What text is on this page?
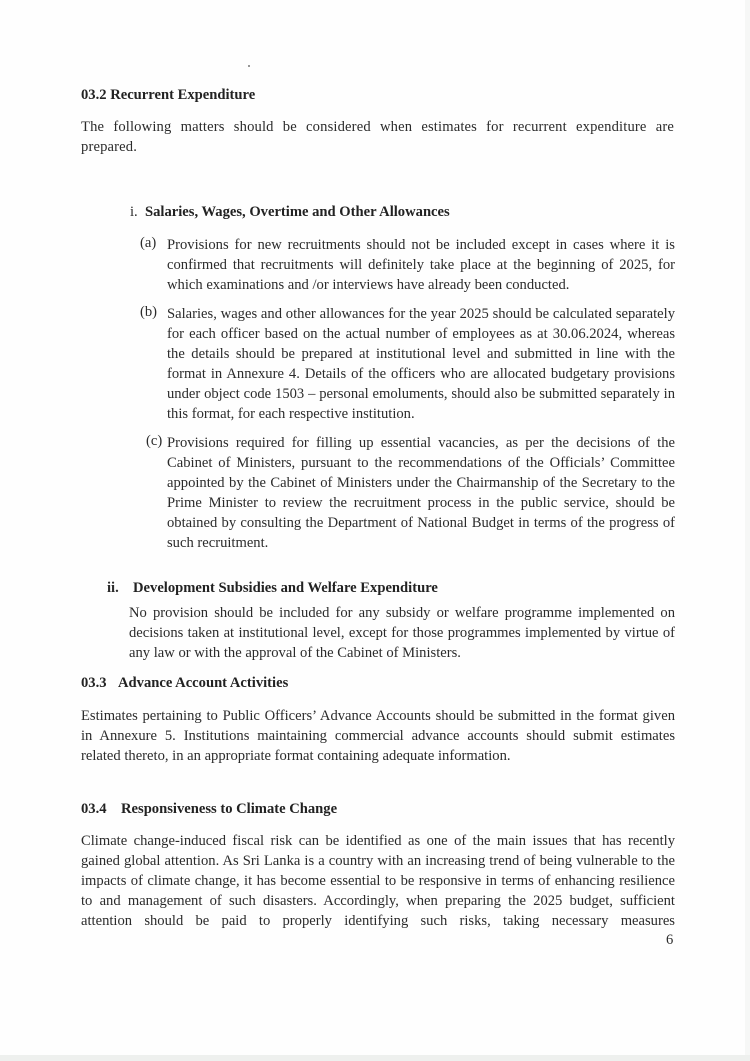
03.2 Recurrent Expenditure
The following matters should be considered when estimates for recurrent expenditure are prepared.
i. Salaries, Wages, Overtime and Other Allowances
(a) Provisions for new recruitments should not be included except in cases where it is confirmed that recruitments will definitely take place at the beginning of 2025, for which examinations and /or interviews have already been conducted.
(b) Salaries, wages and other allowances for the year 2025 should be calculated separately for each officer based on the actual number of employees as at 30.06.2024, whereas the details should be prepared at institutional level and submitted in line with the format in Annexure 4. Details of the officers who are allocated budgetary provisions under object code 1503 – personal emoluments, should also be submitted separately in this format, for each respective institution.
(c) Provisions required for filling up essential vacancies, as per the decisions of the Cabinet of Ministers, pursuant to the recommendations of the Officials’ Committee appointed by the Cabinet of Ministers under the Chairmanship of the Secretary to the Prime Minister to review the recruitment process in the public service, should be obtained by consulting the Department of National Budget in terms of the progress of such recruitment.
ii. Development Subsidies and Welfare Expenditure
No provision should be included for any subsidy or welfare programme implemented on decisions taken at institutional level, except for those programmes implemented by virtue of any law or with the approval of the Cabinet of Ministers.
03.3 Advance Account Activities
Estimates pertaining to Public Officers’ Advance Accounts should be submitted in the format given in Annexure 5. Institutions maintaining commercial advance accounts should submit estimates related thereto, in an appropriate format containing adequate information.
03.4 Responsiveness to Climate Change
Climate change-induced fiscal risk can be identified as one of the main issues that has recently gained global attention. As Sri Lanka is a country with an increasing trend of being vulnerable to the impacts of climate change, it has become essential to be responsive in terms of enhancing resilience to and management of such disasters. Accordingly, when preparing the 2025 budget, sufficient attention should be paid to properly identifying such risks, taking necessary measures
6
